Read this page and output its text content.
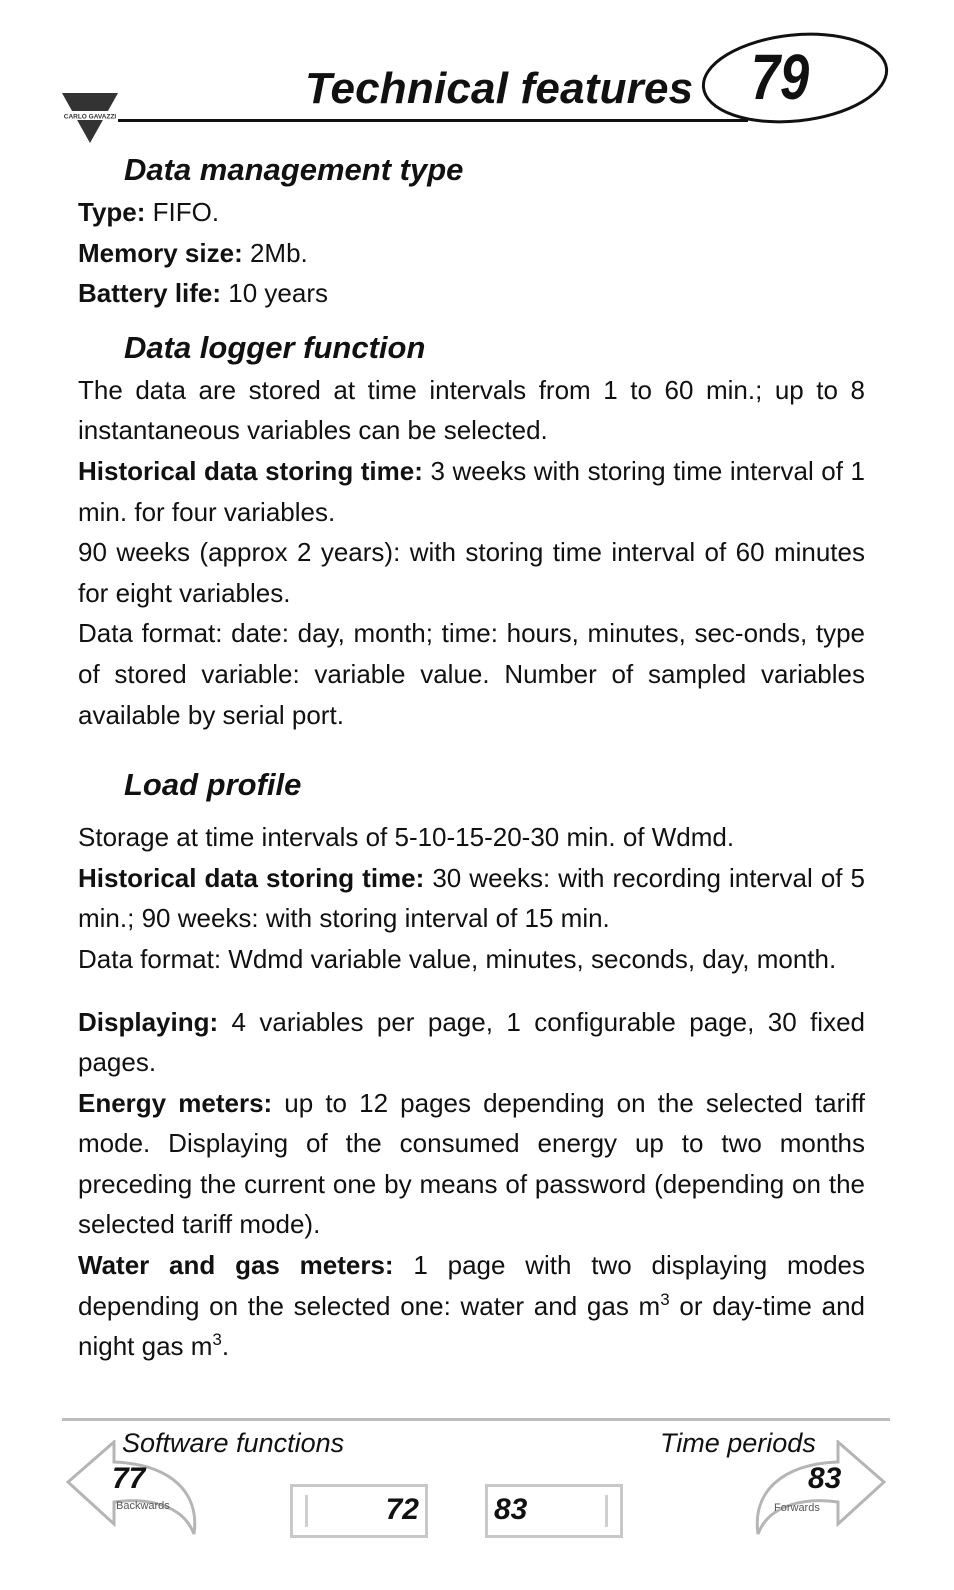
CARLO GAVAZZI
Technical features 79
Data management type

Type: FIFO.

Memory size: 2Mb.

Battery life: 10 years

Data logger function

The data are stored at time intervals from 1 to 60 min.; up to 8 instantaneous variables can be selected.

Historical data storing time: 3 weeks with storing time interval of 1 min. for four variables.

90 weeks (approx 2 years): with storing time interval of 60 minutes for eight variables.

Data format: date: day, month; time: hours, minutes, sec-onds, type of stored variable: variable value. Number of sampled variables available by serial port.

Load profile

Storage at time intervals of 5-10-15-20-30 min. of Wdmd.

Historical data storing time: 30 weeks: with recording interval of 5 min.; 90 weeks: with storing interval of 15 min.

Data format: Wdmd variable value, minutes, seconds, day, month.

Displaying: 4 variables per page, 1 configurable page, 30 fixed pages.

Energy meters: up to 12 pages depending on the selected tariff mode. Displaying of the consumed energy up to two months preceding the current one by means of password (depending on the selected tariff mode).

Water and gas meters: 1 page with two displaying modes depending on the selected one: water and gas $m^3$ or day-time and night gas $m^3$.

Software functions
77
Backwards	72	83
Time periods
83
Forwards
